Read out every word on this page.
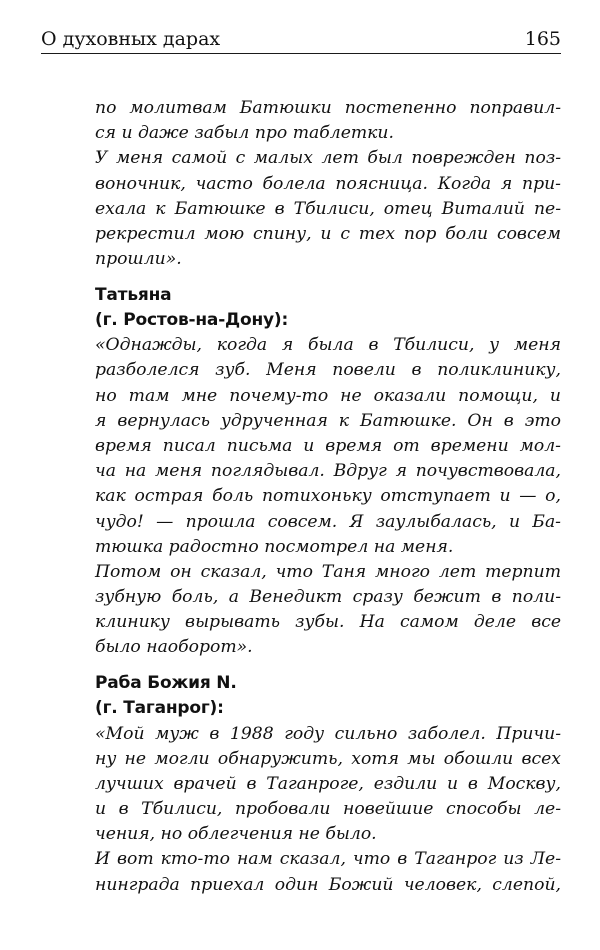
О духовных дарах	165
по молитвам Батюшки постепенно поправил-
ся и даже забыл про таблетки.
У меня самой с малых лет был поврежден поз-
воночник, часто болела поясница. Когда я при-
ехала к Батюшке в Тбилиси, отец Виталий пе-
рекрестил мою спину, и с тех пор боли совсем
прошли».
Татьяна
(г. Ростов-на-Дону):
«Однажды, когда я была в Тбилиси, у меня
разболелся зуб. Меня повели в поликлинику,
но там мне почему-то не оказали помощи, и
я вернулась удрученная к Батюшке. Он в это
время писал письма и время от времени мол-
ча на меня поглядывал. Вдруг я почувствовала,
как острая боль потихоньку отступает и — о,
чудо! — прошла совсем. Я заулыбалась, и Ба-
тюшка радостно посмотрел на меня.
Потом он сказал, что Таня много лет терпит
зубную боль, а Венедикт сразу бежит в поли-
клинику вырывать зубы. На самом деле все
было наоборот».
Раба Божия N.
(г. Таганрог):
«Мой муж в 1988 году сильно заболел. Причи-
ну не могли обнаружить, хотя мы обошли всех
лучших врачей в Таганроге, ездили и в Москву,
и в Тбилиси, пробовали новейшие способы ле-
чения, но облегчения не было.
И вот кто-то нам сказал, что в Таганрог из Ле-
нинграда приехал один Божий человек, слепой,
